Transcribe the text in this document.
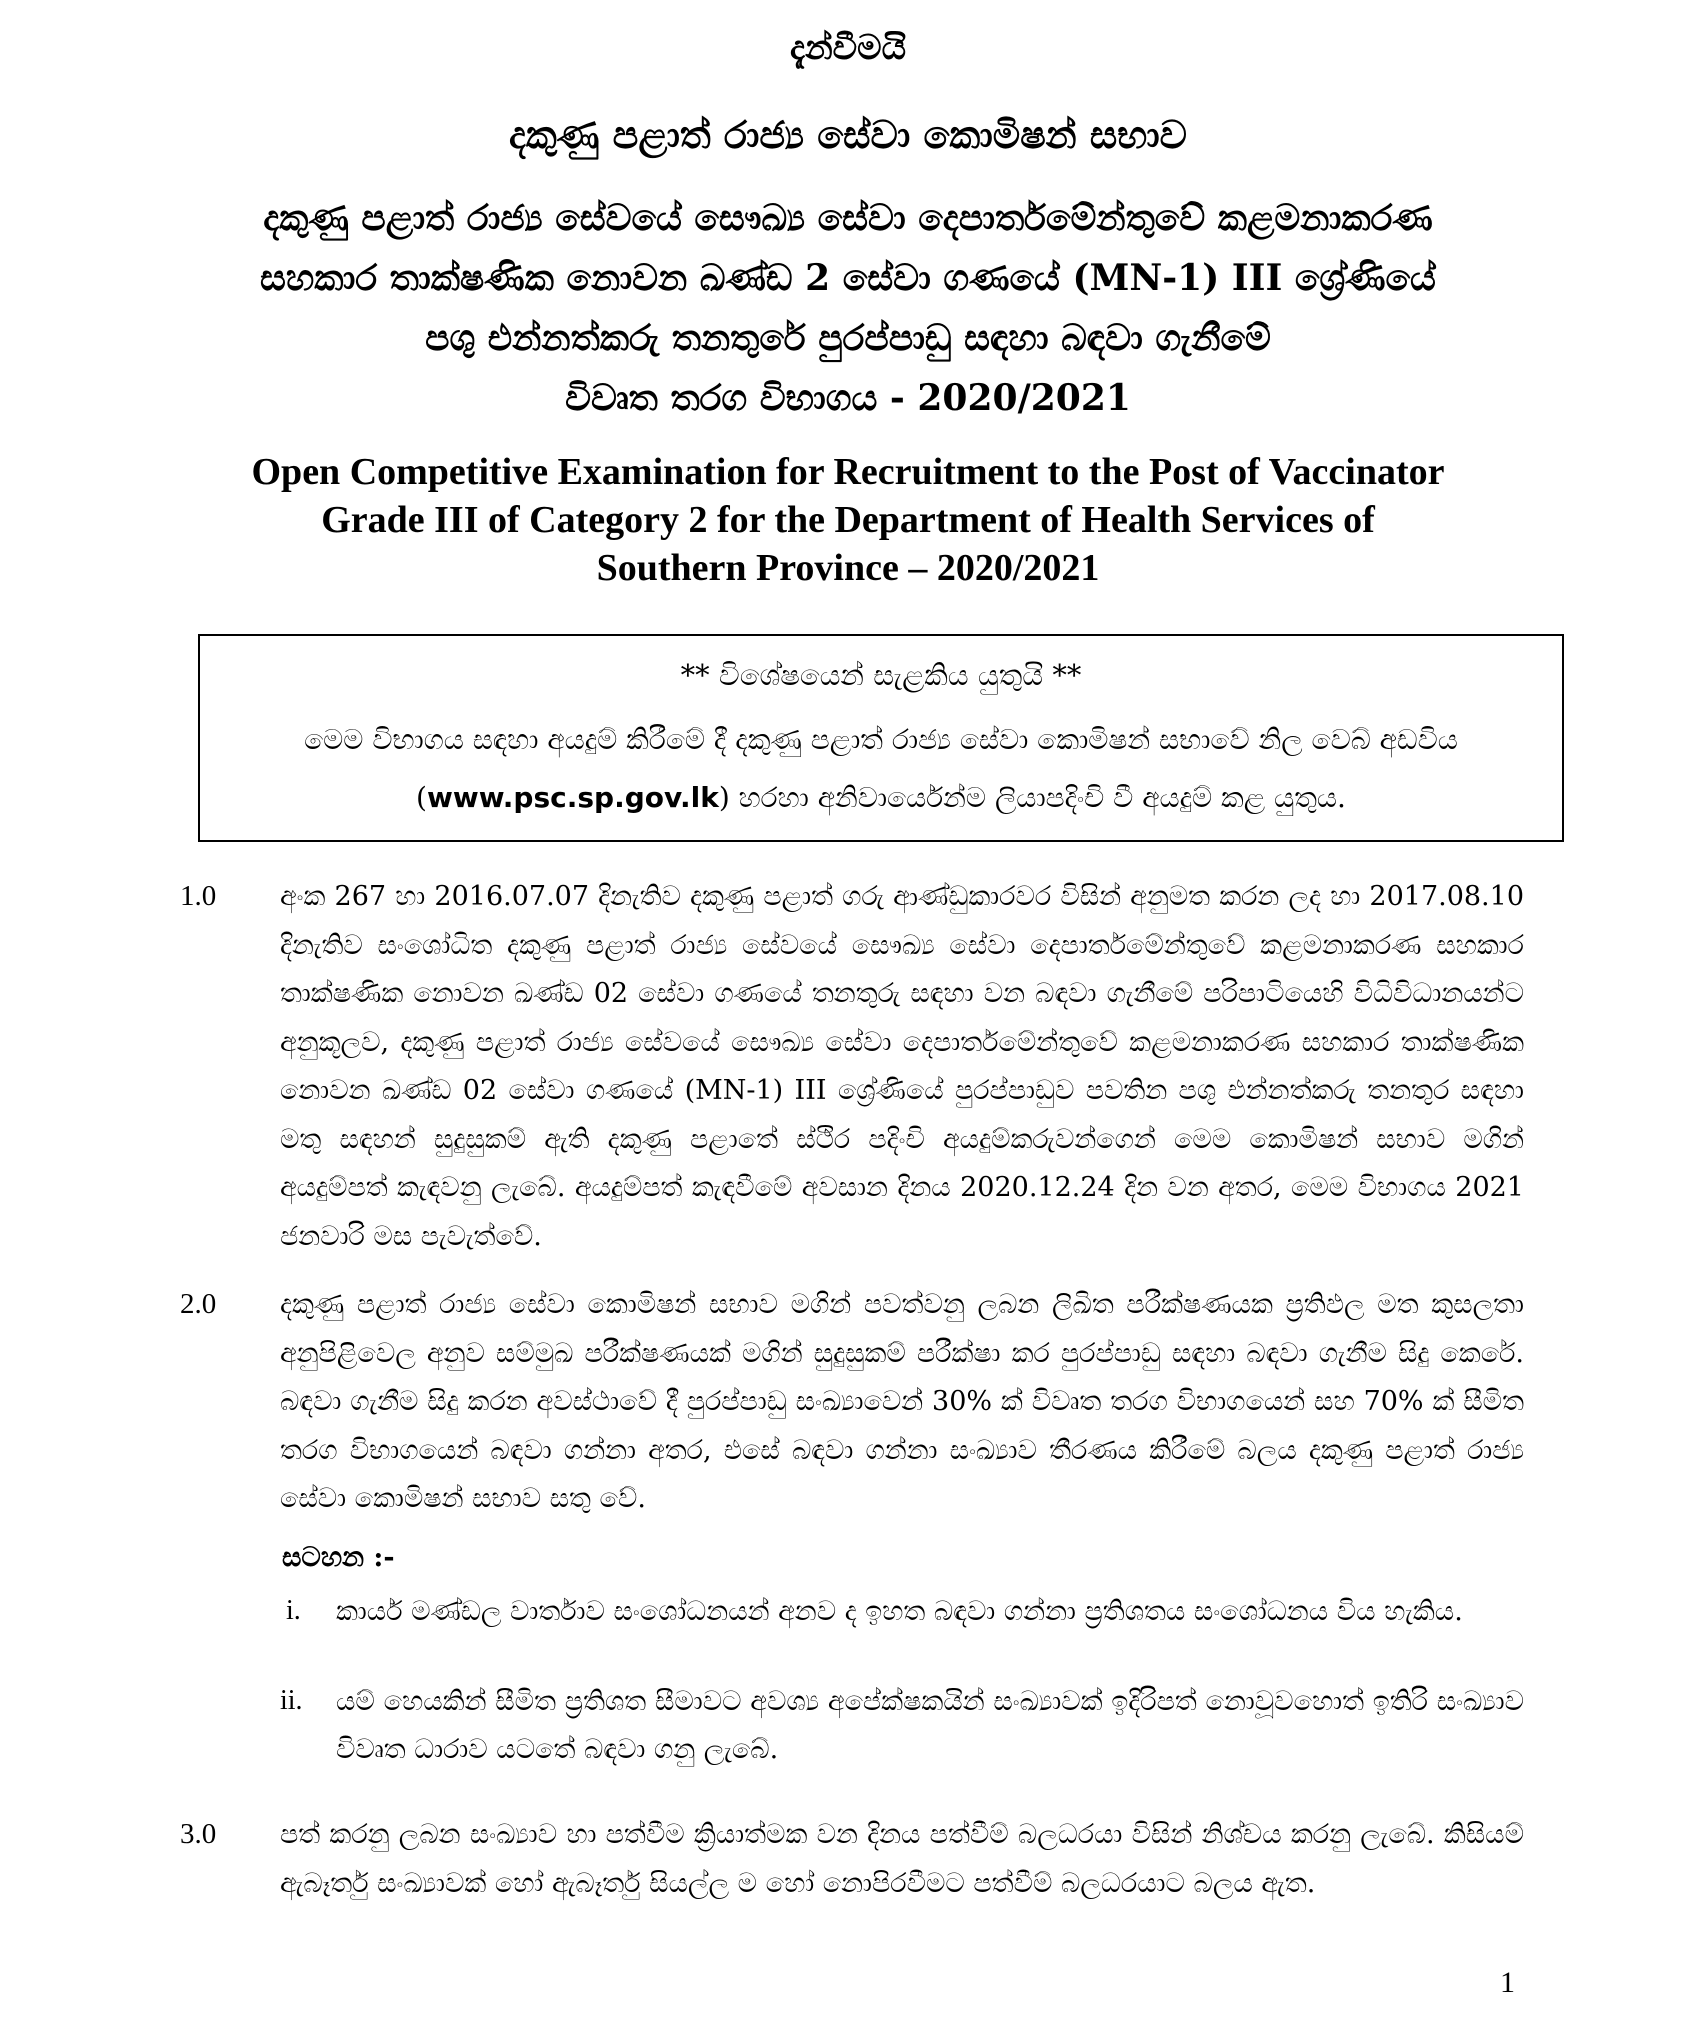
දැන්වීමයි
දකුණු පළාත් රාජ්‍ය සේවා කොමිෂන් සභාව
දකුණු පළාත් රාජ්‍ය සේවයේ සෞඛ්‍ය සේවා දෙපාර්තමේන්තුවේ කළමනාකරණ
සහකාර තාක්ෂණික නොවන ඛණ්ඩ 2 සේවා ගණයේ (MN-1) III ශ්‍රේණියේ
පශු එන්නත්කරු තනතුරේ පුරප්පාඩු සඳහා බඳවා ගැනීමේ
විවෘත තරග විභාගය - 2020/2021
Open Competitive Examination for Recruitment to the Post of Vaccinator
Grade III of Category 2 for the Department of Health Services of
Southern Province – 2020/2021
** විශේෂයෙන් සැළකිය යුතුයි **
මෙම විභාගය සඳහා අයදුම් කිරීමේ දී දකුණු පළාත් රාජ්‍ය සේවා කොමිෂන් සභාවේ නිල වෙබ් අඩවිය (www.psc.sp.gov.lk) හරහා අනිවාර්යෙන්ම ලියාපදිංචි වී අයදුම් කළ යුතුය.
1.0 අංක 267 හා 2016.07.07 දිනැතිව දකුණු පළාත් ගරු ආණ්ඩුකාරවර විසින් අනුමත කරන ලද හා 2017.08.10 දිනැතිව සංශෝධිත දකුණු පළාත් රාජ්‍ය සේවයේ සෞඛ්‍ය සේවා දෙපාර්තමේන්තුවේ කළමනාකරණ සහකාර තාක්ෂණික නොවන ඛණ්ඩ 02 සේවා ගණයේ තනතුරු සඳහා වන බඳවා ගැනීමේ පරිපාටියෙහි විධිවිධානයන්ට අනුකූලව, දකුණු පළාත් රාජ්‍ය සේවයේ සෞඛ්‍ය සේවා දෙපාර්තමේන්තුවේ කළමනාකරණ සහකාර තාක්ෂණික නොවන ඛණ්ඩ 02 සේවා ගණයේ (MN-1) III ශ්‍රේණියේ පුරප්පාඩුව පවතින පශු එන්නත්කරු තනතුර සඳහා මතු සඳහන් සුදුසුකම් ඇති දකුණු පළාතේ ස්ථිර පදිංචි අයදුම්කරුවන්ගෙන් මෙම කොමිෂන් සභාව මගින් අයදුම්පත් කැඳවනු ලැබේ. අයදුම්පත් කැඳවීමේ අවසාන දිනය 2020.12.24 දින වන අතර, මෙම විභාගය 2021 ජනවාරි මස පැවැත්වේ.
2.0 දකුණු පළාත් රාජ්‍ය සේවා කොමිෂන් සභාව මගින් පවත්වනු ලබන ලිඛිත පරීක්ෂණයක ප්‍රතිඵල මත කුසලතා අනුපිළිවෙල අනුව සම්මුඛ පරීක්ෂණයක් මගින් සුදුසුකම් පරීක්ෂා කර පුරප්පාඩු සඳහා බඳවා ගැනීම සිදු කෙරේ. බඳවා ගැනීම සිදු කරන අවස්ථාවේ දී පුරප්පාඩු සංඛ්‍යාවෙන් 30% ක් විවෘත තරග විභාගයෙන් සහ 70% ක් සීමිත තරග විභාගයෙන් බඳවා ගන්නා අතර, එසේ බඳවා ගන්නා සංඛ්‍යාව තීරණය කිරීමේ බලය දකුණු පළාත් රාජ්‍ය සේවා කොමිෂන් සභාව සතු වේ.
සටහන :-
i. කාර්ය මණ්ඩල වාර්තාව සංශෝධනයන් අනව ද ඉහත බඳවා ගන්නා ප්‍රතිශතය සංශෝධනය විය හැකිය.
ii. යම් හෙයකින් සීමිත ප්‍රතිශත සීමාවට අවශ්‍ය අපේක්ෂකයින් සංඛ්‍යාවක් ඉදිරිපත් නොවූවහොත් ඉතිරි සංඛ්‍යාව විවෘත ධාරාව යටතේ බඳවා ගනු ලැබේ.
3.0 පත් කරනු ලබන සංඛ්‍යාව හා පත්වීම ක්‍රියාත්මක වන දිනය පත්වීම් බලධරයා විසින් නිශ්චය කරනු ලැබේ. කිසියම් ඇබෑර්තු සංඛ්‍යාවක් හෝ ඇබෑර්තු සියල්ල ම හෝ නොපිරවීමට පත්වීම් බලධරයාට බලය ඇත.
1
